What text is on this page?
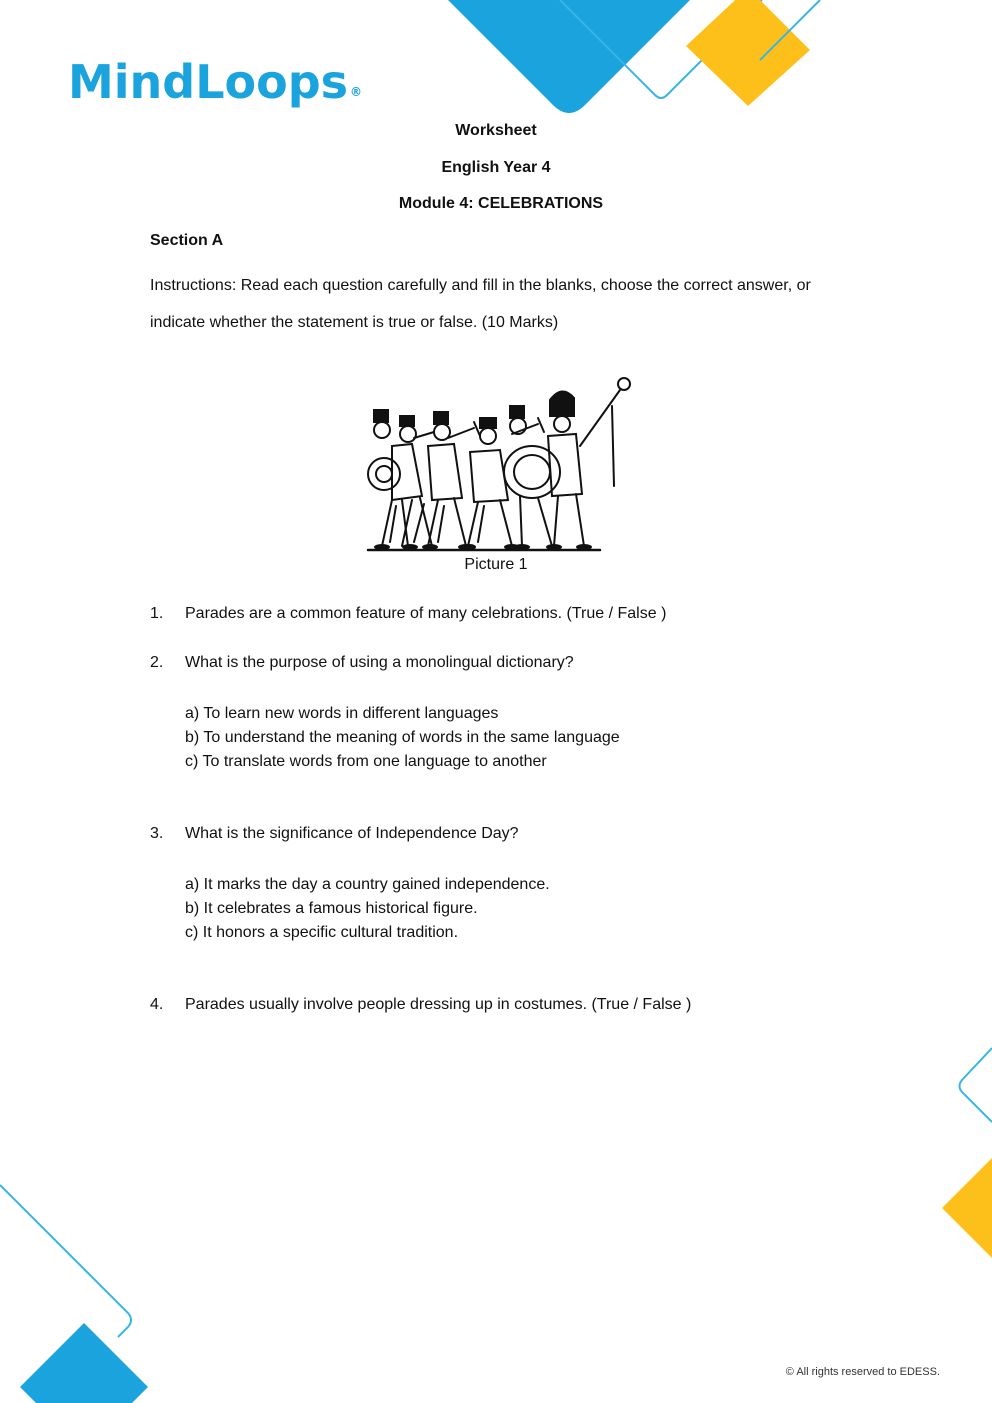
MindLoops ®
Worksheet
English Year 4
Module 4: CELEBRATIONS
Section A
Instructions: Read each question carefully and fill in the blanks, choose the correct answer, or indicate whether the statement is true or false. (10 Marks)
Picture 1
1.	Parades are a common feature of many celebrations. (True / False )
2.	What is the purpose of using a monolingual dictionary?
a) To learn new words in different languages
b) To understand the meaning of words in the same language
c) To translate words from one language to another
3.	What is the significance of Independence Day?
a) It marks the day a country gained independence.
b) It celebrates a famous historical figure.
c) It honors a specific cultural tradition.
4.	Parades usually involve people dressing up in costumes. (True / False )
© All rights reserved to EDESS.
